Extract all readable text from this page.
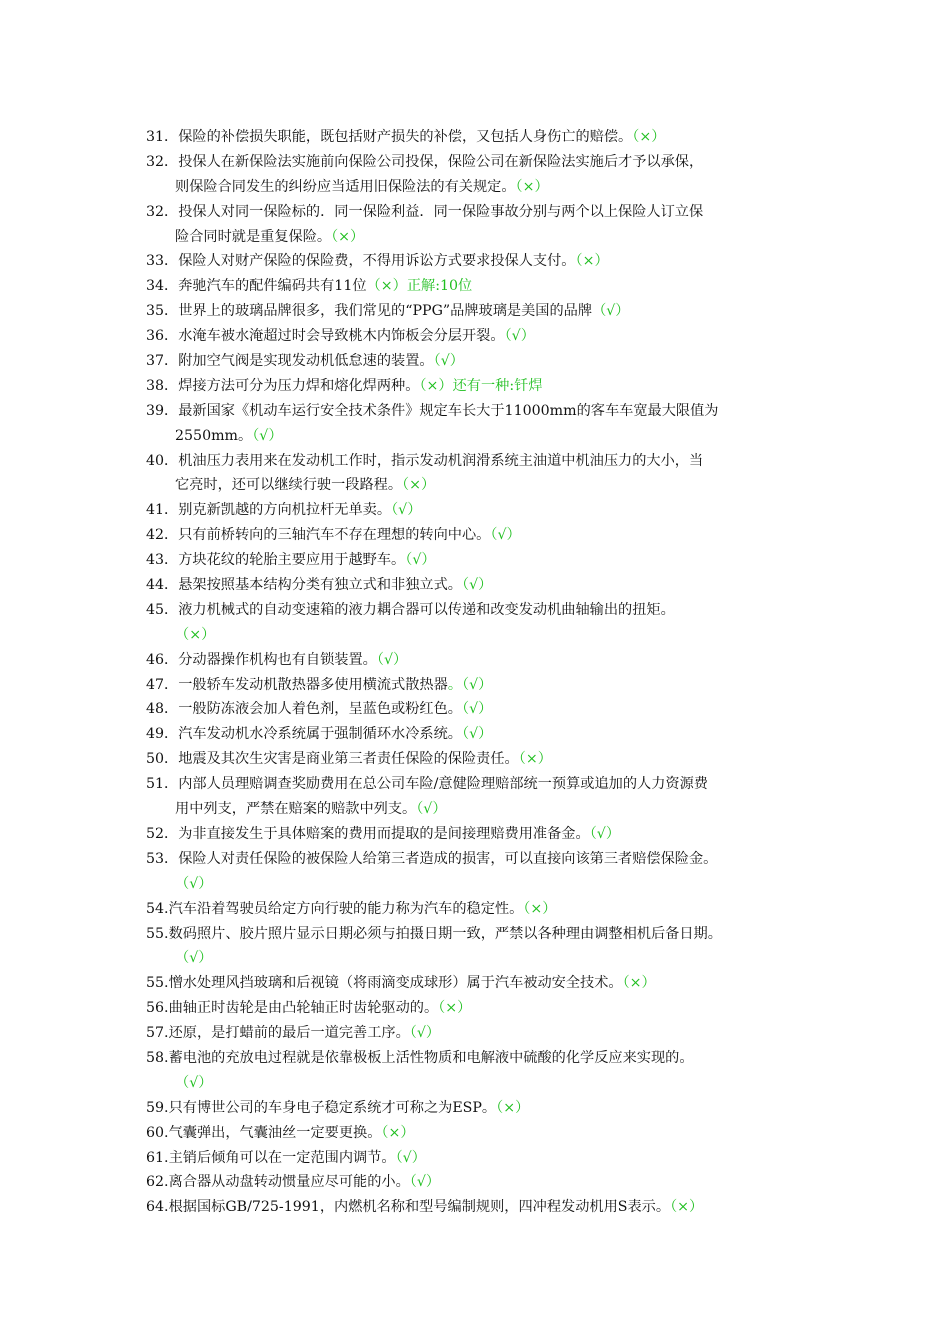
31．保险的补偿损失职能，既包括财产损失的补偿，又包括人身伤亡的赔偿。（×）
32．投保人在新保险法实施前向保险公司投保，保险公司在新保险法实施后才予以承保，
则保险合同发生的纠纷应当适用旧保险法的有关规定。（×）
32．投保人对同一保险标的．同一保险利益．同一保险事故分别与两个以上保险人订立保
险合同时就是重复保险。（×）
33．保险人对财产保险的保险费，不得用诉讼方式要求投保人支付。（×）
34．奔驰汽车的配件编码共有11位（×）正解:10位
35．世界上的玻璃品牌很多，我们常见的“PPG”品牌玻璃是美国的品牌（√）
36．水淹车被水淹超过时会导致桃木内饰板会分层开裂。（√）
37．附加空气阀是实现发动机低怠速的装置。（√）
38．焊接方法可分为压力焊和熔化焊两种。（×）还有一种:钎焊
39．最新国家《机动车运行安全技术条件》规定车长大于11000mm的客车车宽最大限值为
2550mm。（√）
40．机油压力表用来在发动机工作时，指示发动机润滑系统主油道中机油压力的大小，当
它亮时，还可以继续行驶一段路程。（×）
41．别克新凯越的方向机拉杆无单卖。（√）
42．只有前桥转向的三轴汽车不存在理想的转向中心。（√）
43．方块花纹的轮胎主要应用于越野车。（√）
44．悬架按照基本结构分类有独立式和非独立式。（√）
45．液力机械式的自动变速箱的液力耦合器可以传递和改变发动机曲轴输出的扭矩。
（×）
46．分动器操作机构也有自锁装置。（√）
47．一般轿车发动机散热器多使用横流式散热器。（√）
48．一般防冻液会加人着色剂，呈蓝色或粉红色。（√）
49．汽车发动机水冷系统属于强制循环水冷系统。（√）
50．地震及其次生灾害是商业第三者责任保险的保险责任。（×）
51．内部人员理赔调查奖励费用在总公司车险/意健险理赔部统一预算或追加的人力资源费
用中列支，严禁在赔案的赔款中列支。（√）
52．为非直接发生于具体赔案的费用而提取的是间接理赔费用准备金。（√）
53．保险人对责任保险的被保险人给第三者造成的损害，可以直接向该第三者赔偿保险金。
（√）
54.汽车沿着驾驶员给定方向行驶的能力称为汽车的稳定性。（×）
55.数码照片、胶片照片显示日期必须与拍摄日期一致，严禁以各种理由调整相机后备日期。
（√）
55.憎水处理风挡玻璃和后视镜（将雨滴变成球形）属于汽车被动安全技术。（×）
56.曲轴正时齿轮是由凸轮轴正时齿轮驱动的。（×）
57.还原，是打蜡前的最后一道完善工序。（√）
58.蓄电池的充放电过程就是依靠极板上活性物质和电解液中硫酸的化学反应来实现的。
（√）
59.只有博世公司的车身电子稳定系统才可称之为ESP。（×）
60.气囊弹出，气囊油丝一定要更换。（×）
61.主销后倾角可以在一定范围内调节。（√）
62.离合器从动盘转动惯量应尽可能的小。（√）
64.根据国标GB/725-1991，内燃机名称和型号编制规则，四冲程发动机用S表示。（×）
